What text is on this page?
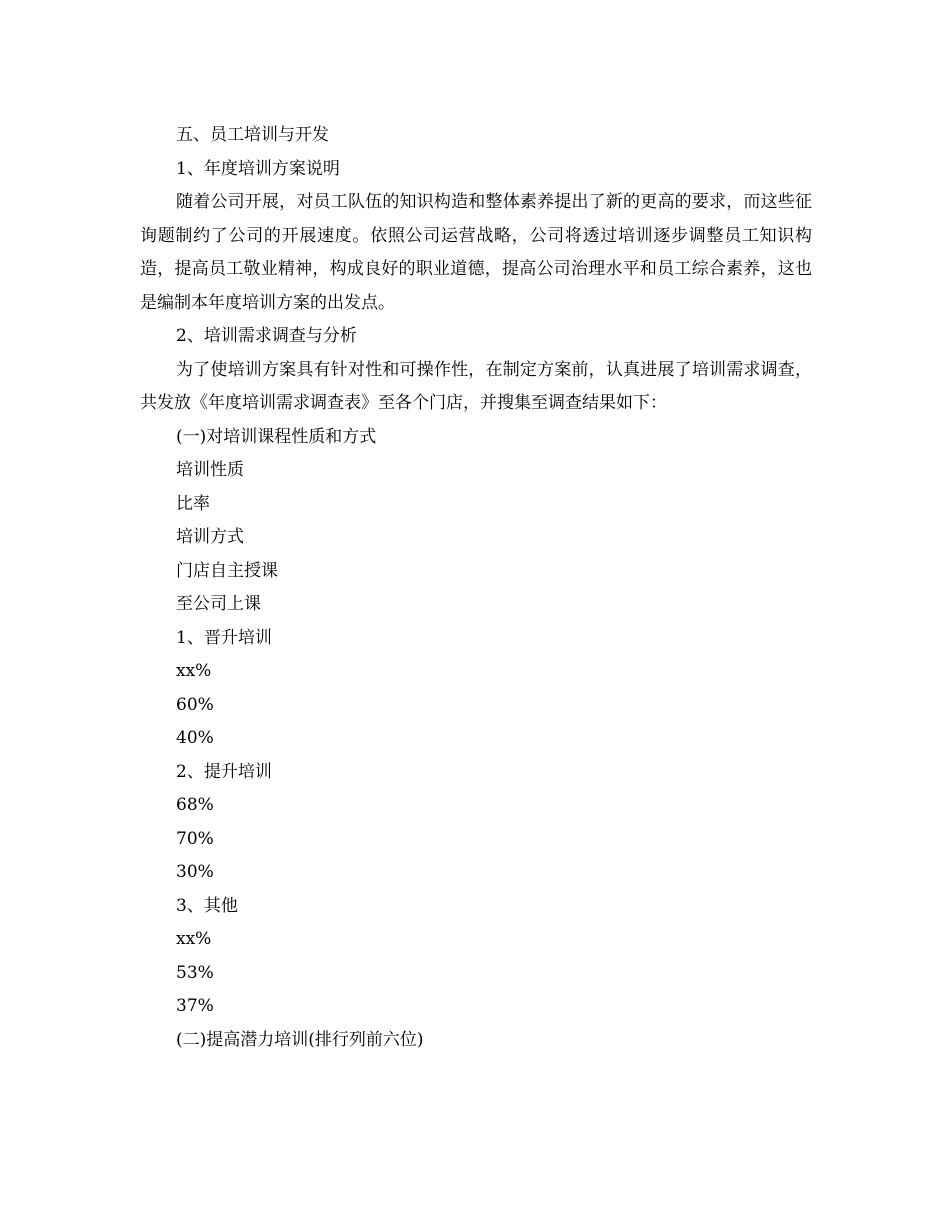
五、员工培训与开发
1、年度培训方案说明

随着公司开展，对员工队伍的知识构造和整体素养提出了新的更高的要求，而这些征询题制约了公司的开展速度。依照公司运营战略，公司将透过培训逐步调整员工知识构造，提高员工敬业精神，构成良好的职业道德，提高公司治理水平和员工综合素养，这也是编制本年度培训方案的出发点。

2、培训需求调查与分析

为了使培训方案具有针对性和可操作性，在制定方案前，认真进展了培训需求调查，共发放《年度培训需求调查表》至各个门店，并搜集至调查结果如下：

(一)对培训课程性质和方式
培训性质
比率
培训方式
门店自主授课
至公司上课
1、晋升培训
xx%
60%
40%
2、提升培训
68%
70%
30%
3、其他
xx%
53%
37%
(二)提高潜力培训(排行列前六位)
